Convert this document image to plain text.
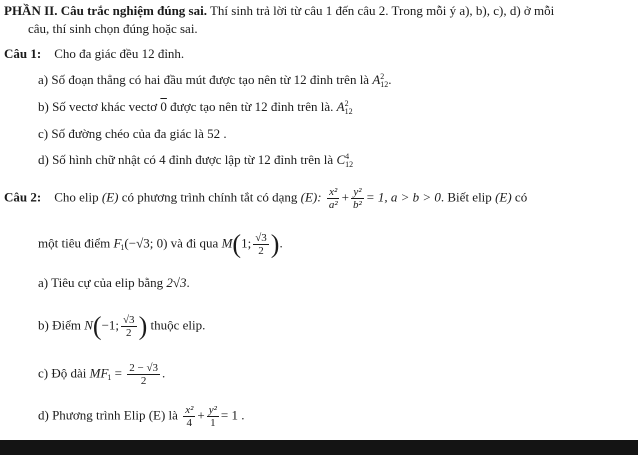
PHẦN II. Câu trắc nghiệm đúng sai. Thí sinh trả lời từ câu 1 đến câu 2. Trong mỗi ý a), b), c), d) ở mỗi
câu, thí sinh chọn đúng hoặc sai.
Câu 1: Cho đa giác đều 12 đỉnh.
a) Số đoạn thẳng có hai đầu mút được tạo nên từ 12 đỉnh trên là A 2
12 .
b) Số vectơ khác vectơ 0 được tạo nên từ 12 đỉnh trên là. A 2
12
c) Số đường chéo của đa giác là 52 .
d) Số hình chữ nhật có 4 đỉnh được lập từ 12 đỉnh trên là C 4
12
Câu 2: Cho elip (E) có phương trình chính tắt có dạng (E): $\frac{\text{x²}}{\text{a²}} + \frac{\text{y²}}{\text{b²}} = 1$, a > b > 0. Biết elip (E) có
một tiêu điểm $F_1(-√3$; 0) và đi qua M(1; $\frac{√3}{2}$ ).
a) Tiêu cự của elip bằng 2√3.
b) Điểm N(−1; $\frac{√3}{2}$ ) thuộc elip.
c) Độ dài $MF_1 = \frac{2 - √3}{2}$ .
d) Phương trình Elip (E) là $\frac{\text{x²}}{4} + \frac{\text{y²}}{1} = 1$ .
